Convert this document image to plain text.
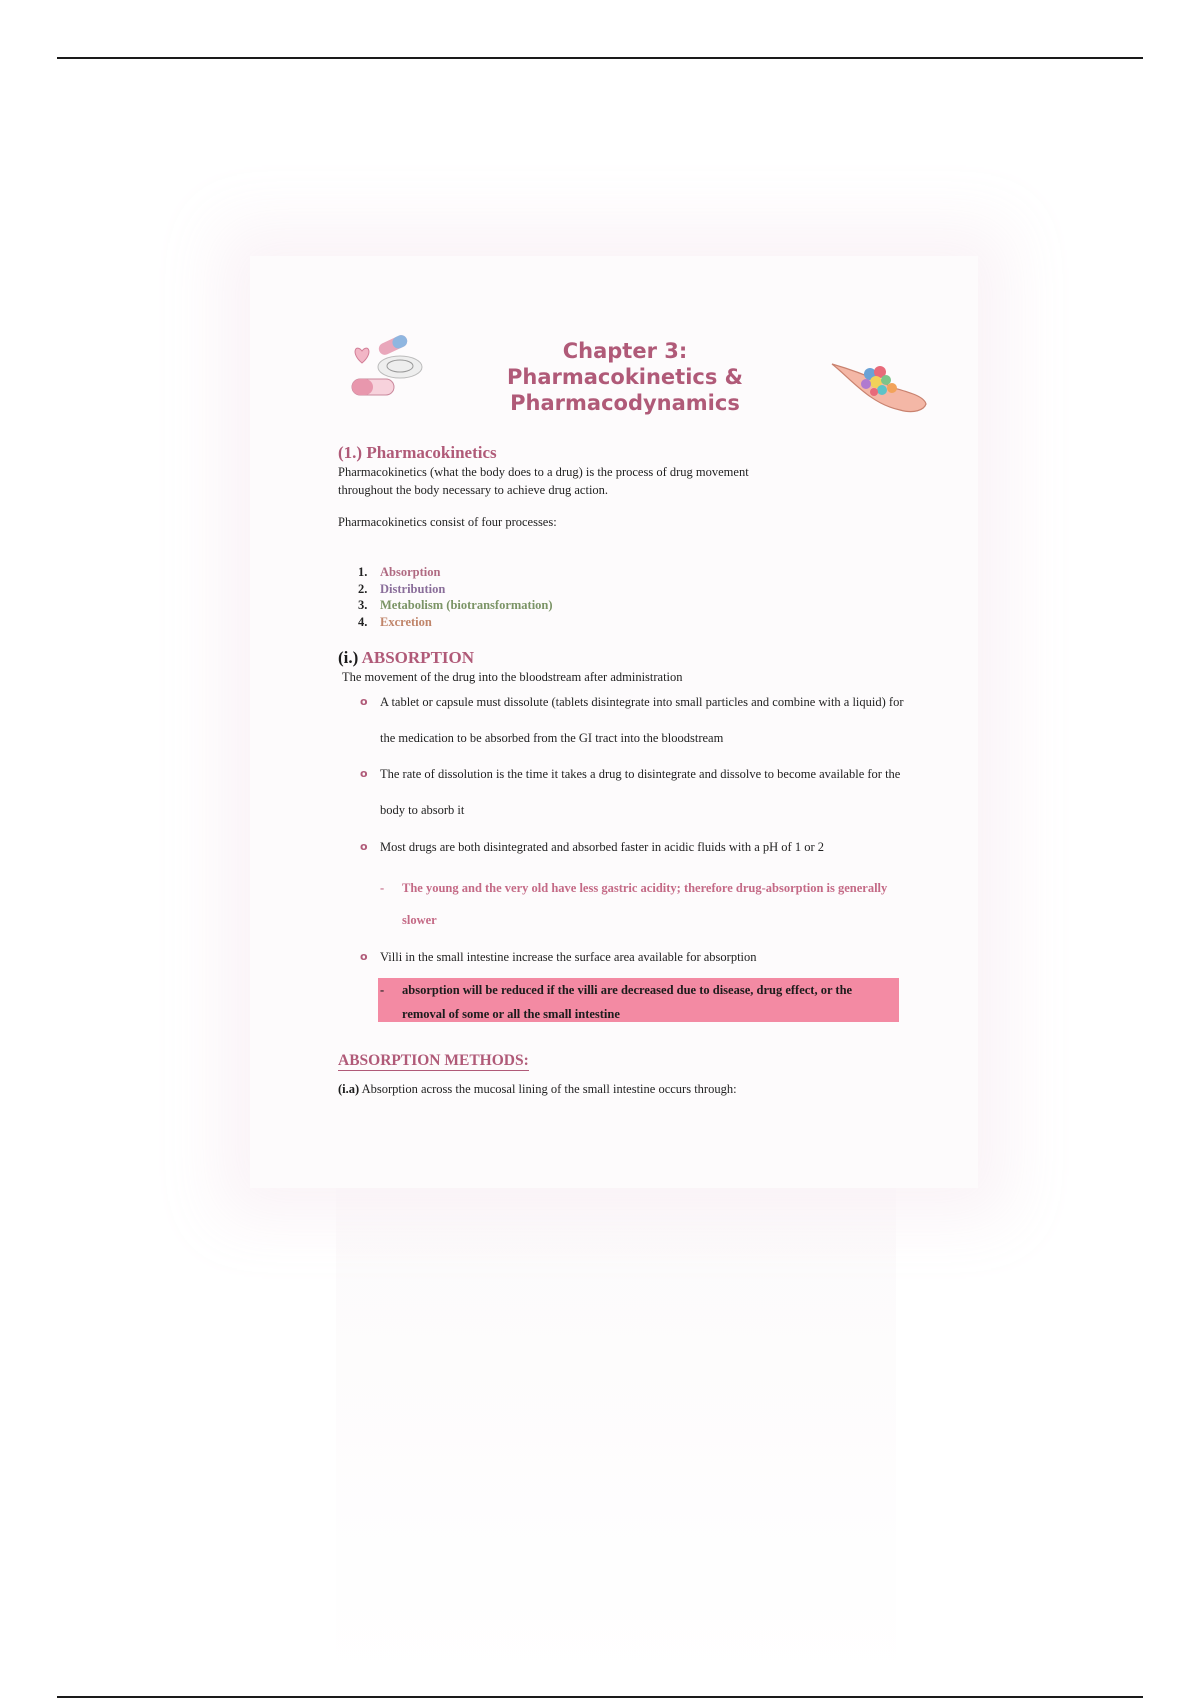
Chapter 3:
Pharmacokinetics &
Pharmacodynamics
(1.) Pharmacokinetics

Pharmacokinetics (what the body does to a drug) is the process of drug movement throughout the body necessary to achieve drug action.

Pharmacokinetics consist of four processes:

1.	Absorption
2.	Distribution
3.	Metabolism (biotransformation)
4.	Excretion
(i.) ABSORPTION

The movement of the drug into the bloodstream after administration

o A tablet or capsule must dissolute (tablets disintegrate into small particles and combine with a liquid) for the medication to be absorbed from the GI tract into the bloodstream
o The rate of dissolution is the time it takes a drug to disintegrate and dissolve to become available for the body to absorb it
o Most drugs are both disintegrated and absorbed faster in acidic fluids with a pH of 1 or 2
-	The young and the very old have less gastric acidity; therefore drug-absorption is generally slower
o Villi in the small intestine increase the surface area available for absorption
-	absorption will be reduced if the villi are decreased due to disease, drug effect, or the removal of some or all the small intestine
ABSORPTION METHODS:

(i.a) Absorption across the mucosal lining of the small intestine occurs through:
